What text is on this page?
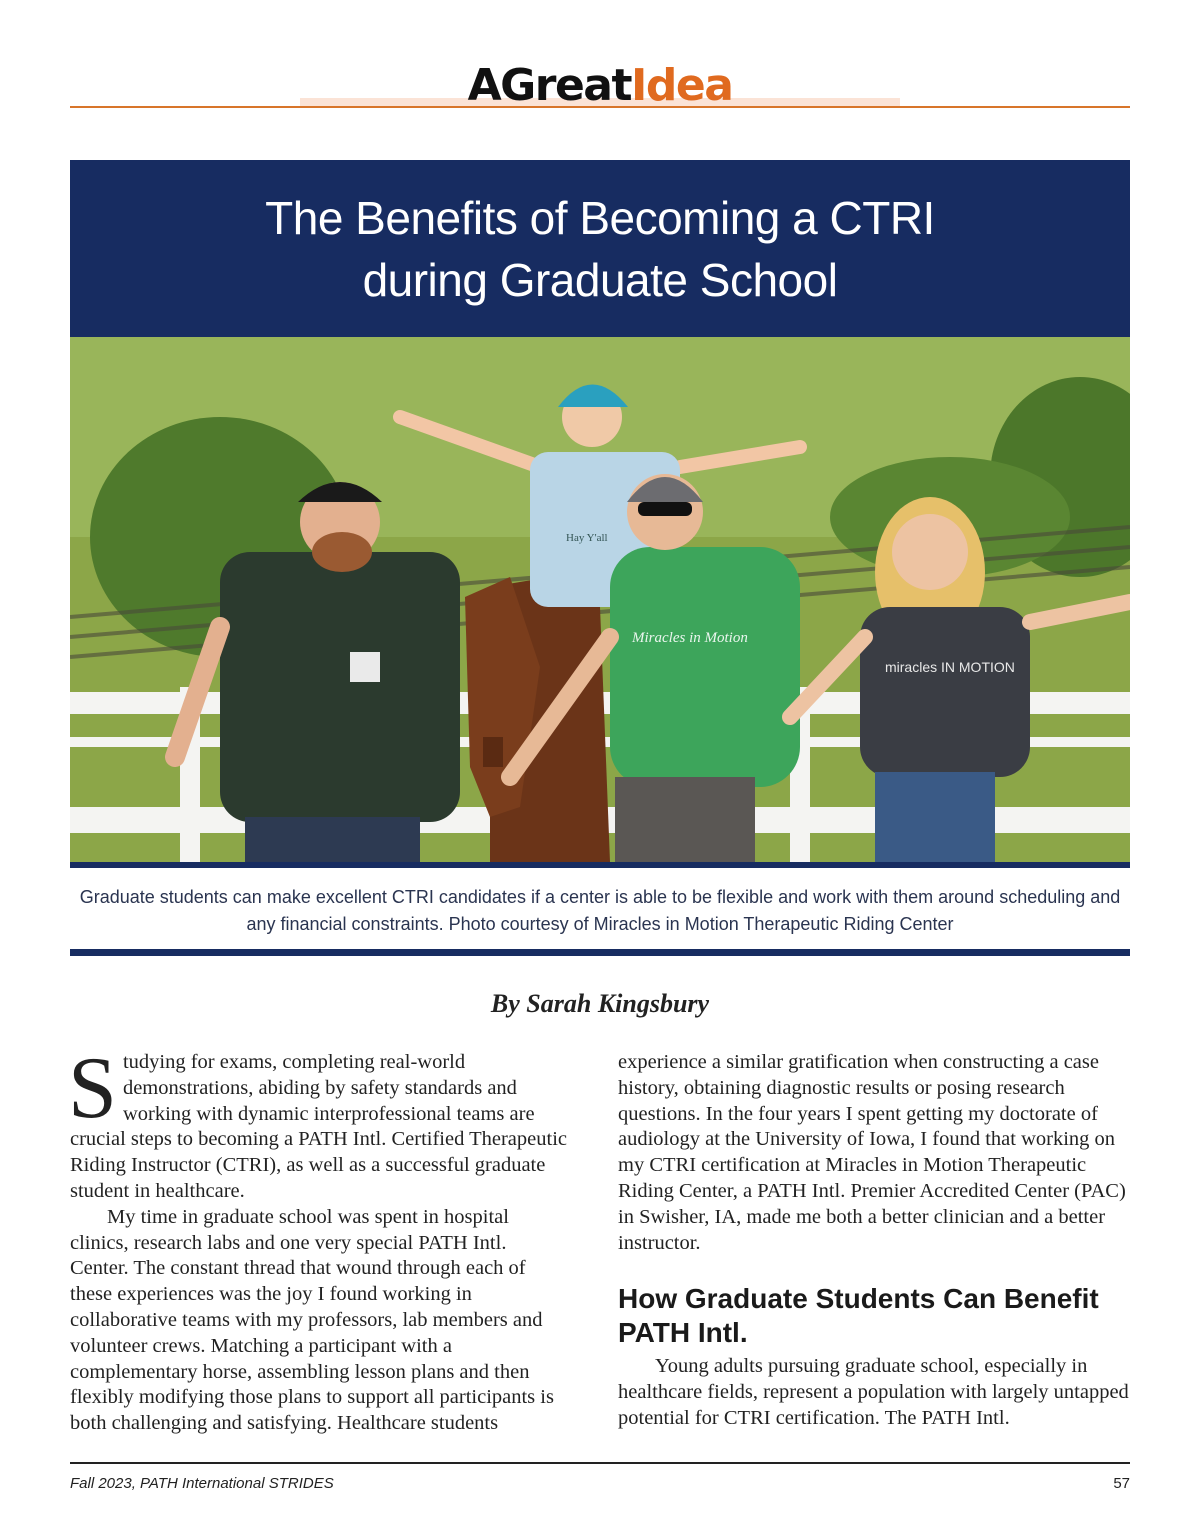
AGreatIdea
The Benefits of Becoming a CTRI
during Graduate School
Hay Y'all
Miracles in Motion
miracles IN MOTION
Graduate students can make excellent CTRI candidates if a center is able to be flexible and work with them around scheduling and any financial constraints. Photo courtesy of Miracles in Motion Therapeutic Riding Center
By Sarah Kingsbury

Studying for exams, completing real-world demonstrations, abiding by safety standards and working with dynamic interprofessional teams are crucial steps to becoming a PATH Intl. Certified Therapeutic Riding Instructor (CTRI), as well as a successful graduate student in healthcare.

My time in graduate school was spent in hospital clinics, research labs and one very special PATH Intl. Center. The constant thread that wound through each of these experiences was the joy I found working in collaborative teams with my professors, lab members and volunteer crews. Matching a participant with a complementary horse, assembling lesson plans and then flexibly modifying those plans to support all participants is both challenging and satisfying. Healthcare students

experience a similar gratification when constructing a case history, obtaining diagnostic results or posing research questions. In the four years I spent getting my doctorate of audiology at the University of Iowa, I found that working on my CTRI certification at Miracles in Motion Therapeutic Riding Center, a PATH Intl. Premier Accredited Center (PAC) in Swisher, IA, made me both a better clinician and a better instructor.

How Graduate Students Can Benefit PATH Intl.

Young adults pursuing graduate school, especially in healthcare fields, represent a population with largely untapped potential for CTRI certification. The PATH Intl.

Fall 2023, PATH International STRIDES	57
